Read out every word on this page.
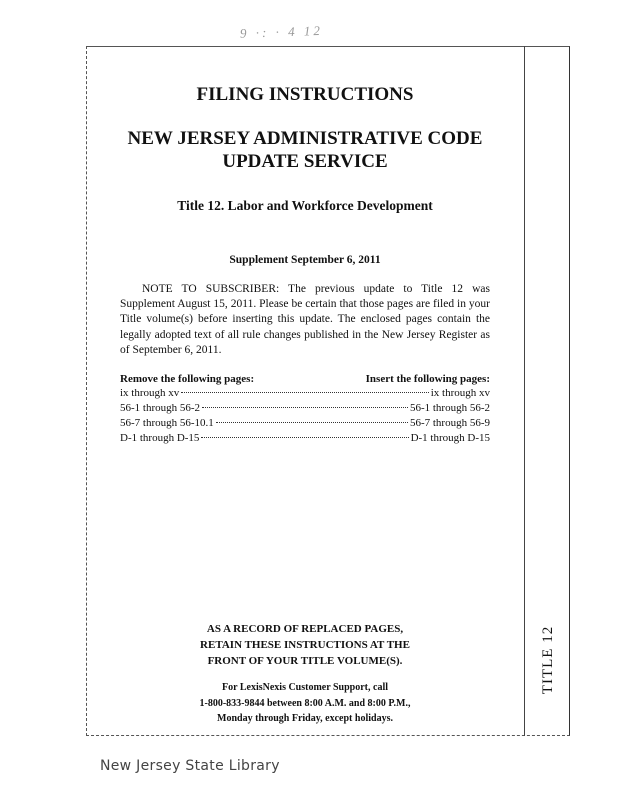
9 ·: · 4 12
TITLE 12

FILING INSTRUCTIONS

NEW JERSEY ADMINISTRATIVE CODE
UPDATE SERVICE

Title 12. Labor and Workforce Development

Supplement September 6, 2011

NOTE TO SUBSCRIBER: The previous update to Title 12 was Supplement August 15, 2011. Please be certain that those pages are filed in your Title volume(s) before inserting this update. The enclosed pages contain the legally adopted text of all rule changes published in the New Jersey Register as of September 6, 2011.

Remove the following pages:	Insert the following pages:
ix through xv	ix through xv
56-1 through 56-2	56-1 through 56-2
56-7 through 56-10.1	56-7 through 56-9
D-1 through D-15	D-1 through D-15
AS A RECORD OF REPLACED PAGES,
RETAIN THESE INSTRUCTIONS AT THE
FRONT OF YOUR TITLE VOLUME(S).
For LexisNexis Customer Support, call
1-800-833-9844 between 8:00 A.M. and 8:00 P.M.,
Monday through Friday, except holidays.
New Jersey State Library
